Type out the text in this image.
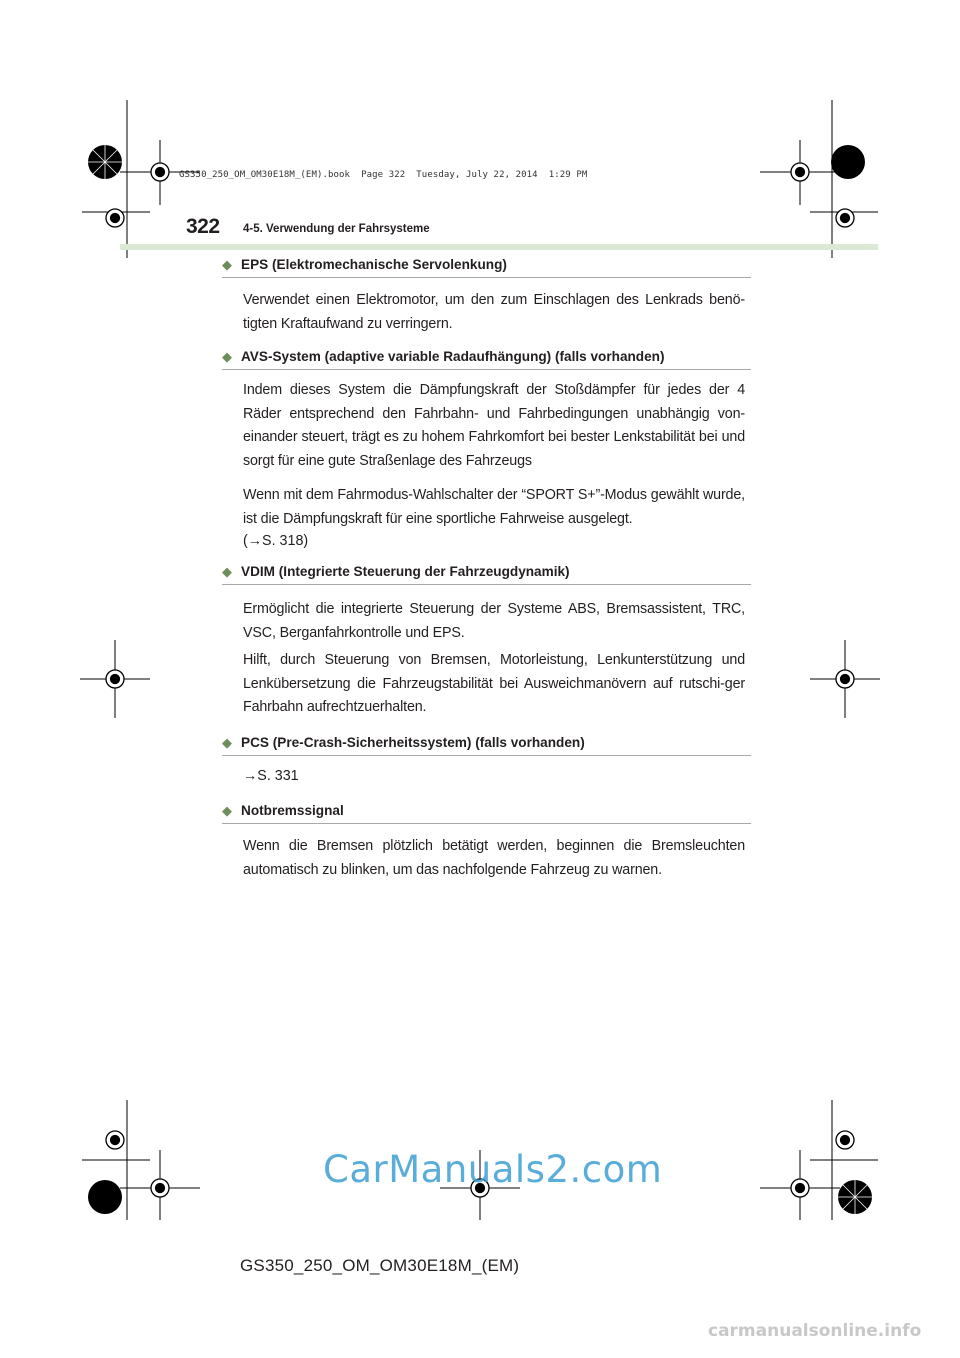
GS350_250_OM_OM30E18M_(EM).book  Page 322  Tuesday, July 22, 2014  1:29 PM
322 4-5. Verwendung der Fahrsysteme
◆ EPS (Elektromechanische Servolenkung)
Verwendet einen Elektromotor, um den zum Einschlagen des Lenkrads benö-tigten Kraftaufwand zu verringern.
◆ AVS-System (adaptive variable Radaufhängung) (falls vorhanden)
Indem dieses System die Dämpfungskraft der Stoßdämpfer für jedes der 4 Räder entsprechend den Fahrbahn- und Fahrbedingungen unabhängig von-einander steuert, trägt es zu hohem Fahrkomfort bei bester Lenkstabilität bei und sorgt für eine gute Straßenlage des Fahrzeugs
Wenn mit dem Fahrmodus-Wahlschalter der “SPORT S+”-Modus gewählt wurde, ist die Dämpfungskraft für eine sportliche Fahrweise ausgelegt.
(→S. 318)
◆ VDIM (Integrierte Steuerung der Fahrzeugdynamik)
Ermöglicht die integrierte Steuerung der Systeme ABS, Bremsassistent, TRC, VSC, Berganfahrkontrolle und EPS.
Hilft, durch Steuerung von Bremsen, Motorleistung, Lenkunterstützung und Lenkübersetzung die Fahrzeugstabilität bei Ausweichmanövern auf rutschi-ger Fahrbahn aufrechtzuerhalten.
◆ PCS (Pre-Crash-Sicherheitssystem) (falls vorhanden)
→S. 331
◆ Notbremssignal
Wenn die Bremsen plötzlich betätigt werden, beginnen die Bremsleuchten automatisch zu blinken, um das nachfolgende Fahrzeug zu warnen.
CarManuals2.com
GS350_250_OM_OM30E18M_(EM)
carmanualsonline.info
